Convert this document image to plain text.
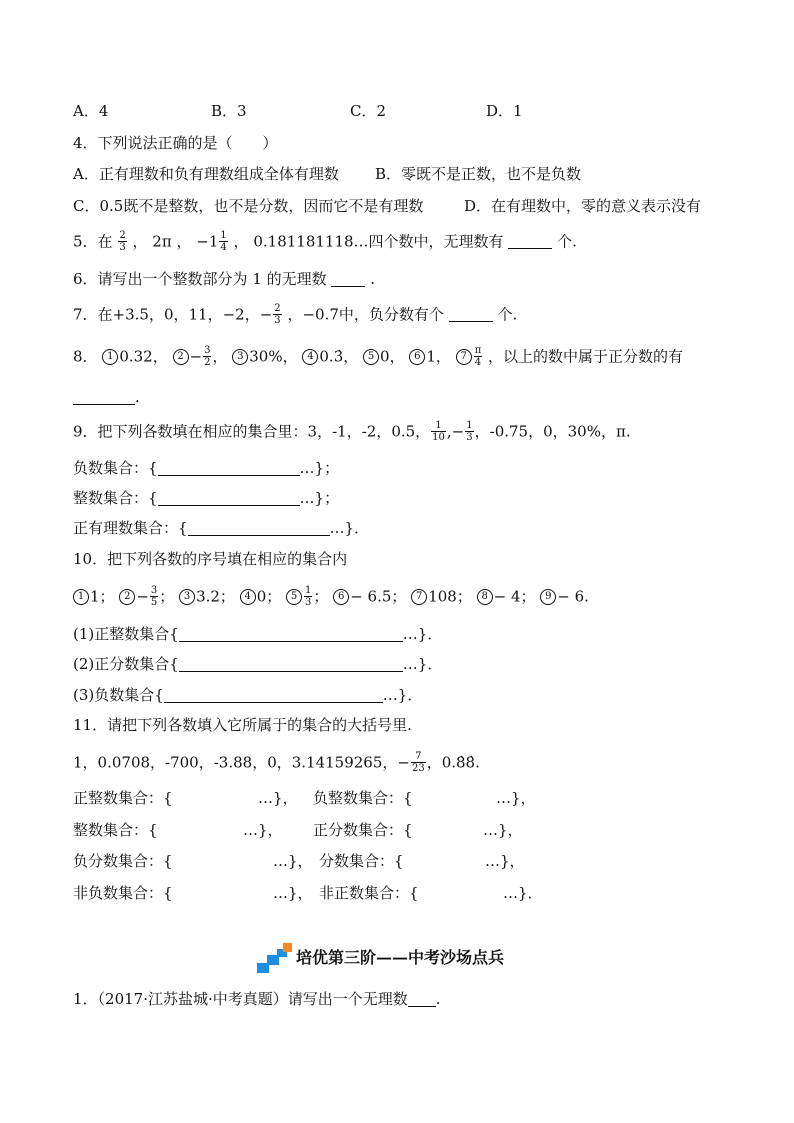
A．4	B．3	C．2	D．1
4．下列说法正确的是（　　）
A．正有理数和负有理数组成全体有理数 B．零既不是正数，也不是负数
C．0.5既不是整数，也不是分数，因而它不是有理数	D．在有理数中，零的意义表示没有
5．在 $\frac{2}{3}$ ， 2π ， $-1 \frac{1}{4}$ ， 0.181181118…四个数中，无理数有	个.
6．请写出一个整数部分为 1 的无理数	.
7．在+3.5，0，11，−2，− $\frac{2}{3}$ ，−0.7中，负分数有个	个.
8． 1 0.32， $2 - \frac{3}{2}$ ， 3 30%， 4 0.3̇， 5 0， 6 1， $7 \frac{\pi}{4}$ ，以上的数中属于正分数的有
.
9．把下列各数填在相应的集合里：3，-1，-2，0.5， $\frac{1}{10}$ ,− $\frac{1}{3}$ ，-0.75，0，30%，π.
负数集合：{	…}；
整数集合：{	…}；
正有理数集合：{	…}．
10．把下列各数的序号填在相应的集合内
1 1； $2 - \frac{3}{5}$ ； 3 3.2； 4 0； $5 \frac{1}{3}$ ； 6 − 6.5； 7 108； 8 − 4； 9 − 6.
(1)正整数集合{	…}．
(2)正分数集合{	…}．
(3)负数集合{	…}．
11．请把下列各数填入它所属于的集合的大括号里.
1，0.0708，-700，-3.88，0，3.14159265，− $\frac{7}{23}$ ，0.8̇8̇.
正整数集合：{	…}， 负整数集合：{	…}，
整数集合：{	…}， 正分数集合：{	…}，
负分数集合：{	…}， 分数集合：{	…}，
非负数集合：{	…}， 非正数集合：{	…}．
培优第三阶——中考沙场点兵
1．（2017·江苏盐城·中考真题）请写出一个无理数 .
